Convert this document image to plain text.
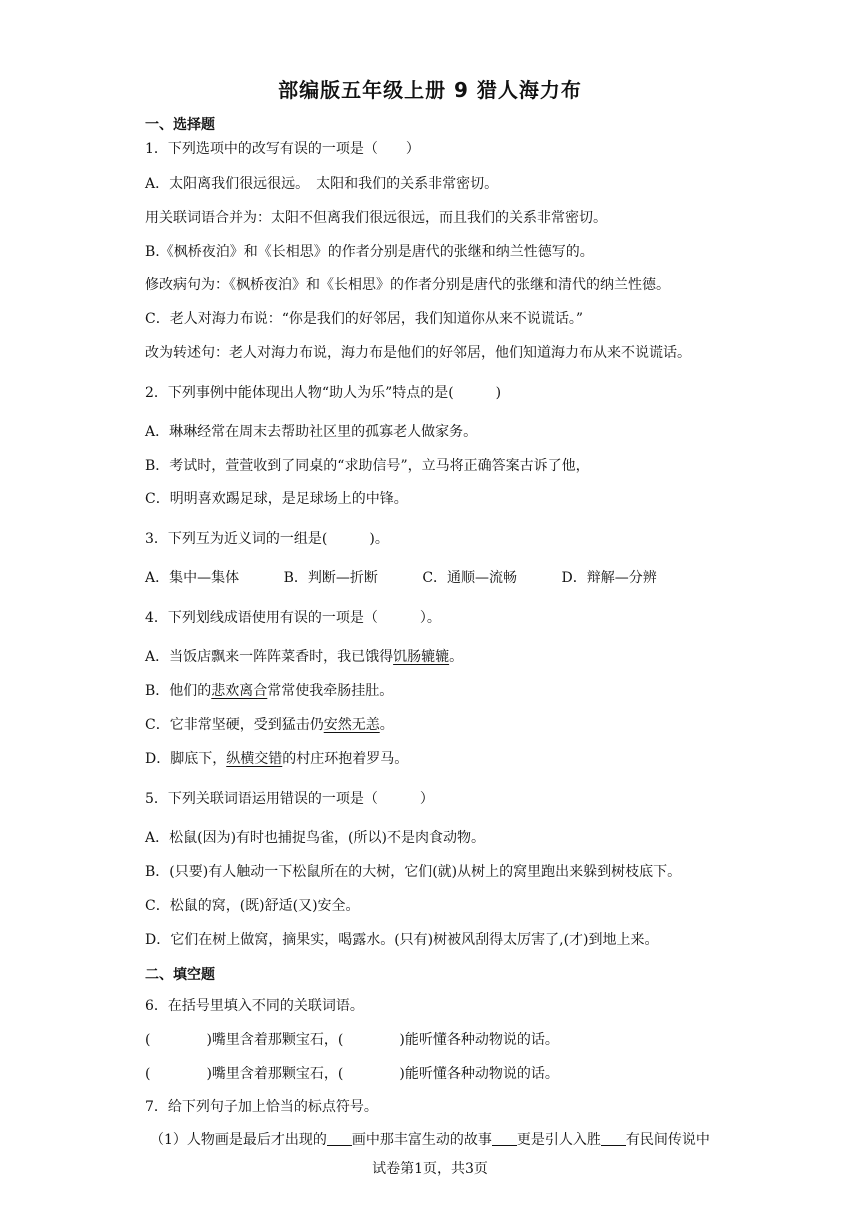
部编版五年级上册 9 猎人海力布
一、选择题
1．下列选项中的改写有误的一项是（　　）
A．太阳离我们很远很远。　太阳和我们的关系非常密切。
用关联词语合并为：太阳不但离我们很远很远，而且我们的关系非常密切。
B.《枫桥夜泊》和《长相思》的作者分别是唐代的张继和纳兰性德写的。
修改病句为：《枫桥夜泊》和《长相思》的作者分别是唐代的张继和清代的纳兰性德。
C．老人对海力布说：“你是我们的好邻居，我们知道你从来不说谎话。”
改为转述句：老人对海力布说，海力布是他们的好邻居，他们知道海力布从来不说谎话。
2．下列事例中能体现出人物“助人为乐”特点的是(　　　)
A．琳琳经常在周末去帮助社区里的孤寡老人做家务。
B．考试时，萱萱收到了同桌的“求助信号”，立马将正确答案古诉了他，
C．明明喜欢踢足球，是足球场上的中锋。
3．下列互为近义词的一组是(　　　)。
A．集中—集体	B．判断—折断	C．通顺—流畅	D．辩解—分辨
4．下列划线成语使用有误的一项是（　　　）。
A．当饭店飘来一阵阵菜香时，我已饿得饥肠辘辘。
B．他们的悲欢离合常常使我牵肠挂肚。
C．它非常坚硬，受到猛击仍安然无恙。
D．脚底下，纵横交错的村庄环抱着罗马。
5．下列关联词语运用错误的一项是（　　　）
A．松鼠(因为)有时也捕捉鸟雀，(所以)不是肉食动物。
B．(只要)有人触动一下松鼠所在的大树，它们(就)从树上的窝里跑出来躲到树枝底下。
C．松鼠的窝，(既)舒适(又)安全。
D．它们在树上做窝，摘果实，喝露水。(只有)树被风刮得太厉害了,(才)到地上来。
二、填空题
6．在括号里填入不同的关联词语。
(　　　　)嘴里含着那颗宝石，(　　　　)能听懂各种动物说的话。
(　　　　)嘴里含着那颗宝石，(　　　　)能听懂各种动物说的话。
7．给下列句子加上恰当的标点符号。
（1）人物画是最后才出现的 画中那丰富生动的故事 更是引人入胜 有民间传说中
试卷第1页，共3页
